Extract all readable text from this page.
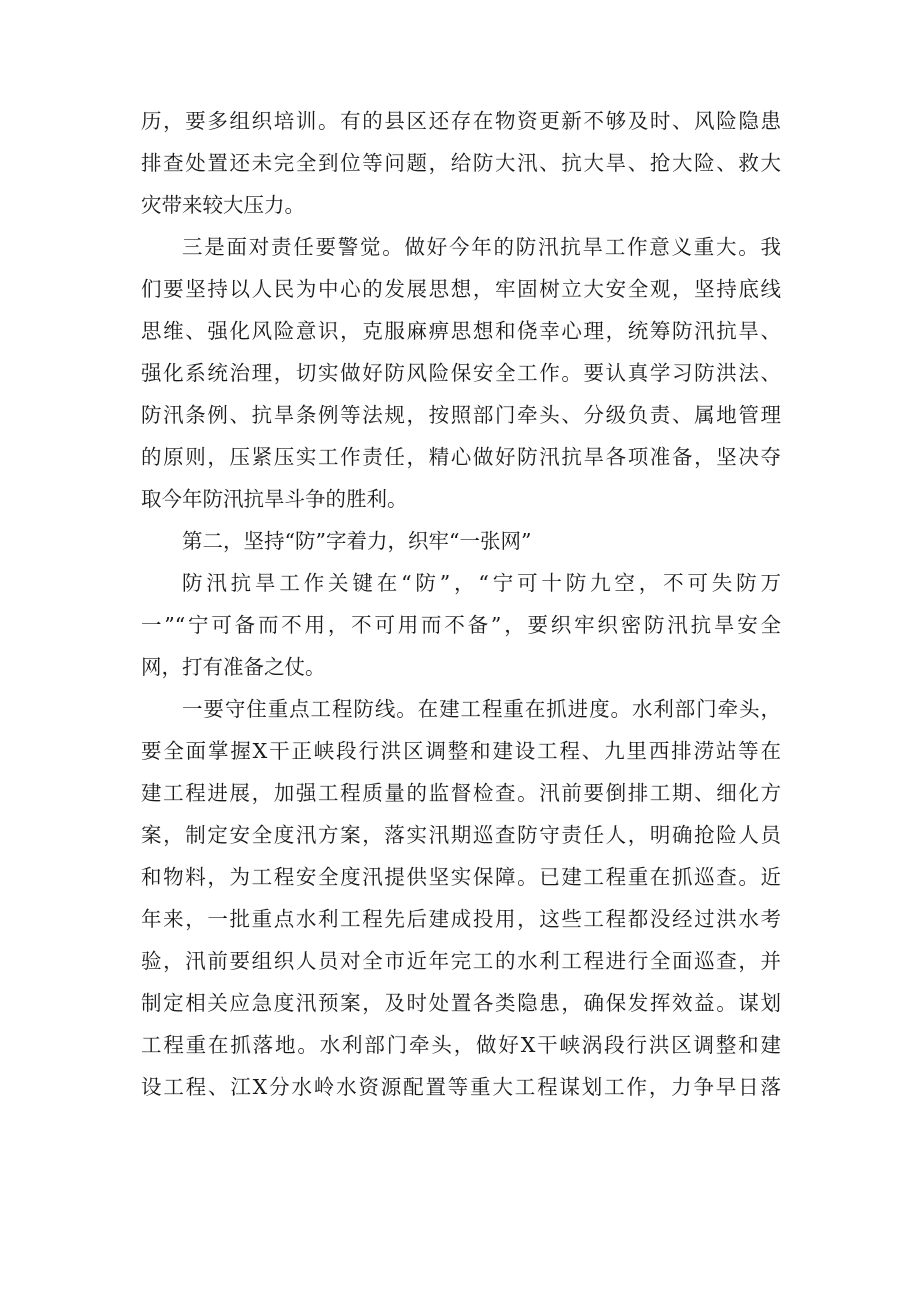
历，要多组织培训。有的县区还存在物资更新不够及时、风险隐患
排查处置还未完全到位等问题，给防大汛、抗大旱、抢大险、救大
灾带来较大压力。
三是面对责任要警觉。做好今年的防汛抗旱工作意义重大。我
们要坚持以人民为中心的发展思想，牢固树立大安全观，坚持底线
思维、强化风险意识，克服麻痹思想和侥幸心理，统筹防汛抗旱、
强化系统治理，切实做好防风险保安全工作。要认真学习防洪法、
防汛条例、抗旱条例等法规，按照部门牵头、分级负责、属地管理
的原则，压紧压实工作责任，精心做好防汛抗旱各项准备，坚决夺
取今年防汛抗旱斗争的胜利。
第二，坚持“防”字着力，织牢“一张网”
防汛抗旱工作关键在“防”，“宁可十防九空，不可失防万
一”“宁可备而不用，不可用而不备”，要织牢织密防汛抗旱安全
网，打有准备之仗。
一要守住重点工程防线。在建工程重在抓进度。水利部门牵头，
要全面掌握X干正峡段行洪区调整和建设工程、九里西排涝站等在
建工程进展，加强工程质量的监督检查。汛前要倒排工期、细化方
案，制定安全度汛方案，落实汛期巡查防守责任人，明确抢险人员
和物料，为工程安全度汛提供坚实保障。已建工程重在抓巡查。近
年来，一批重点水利工程先后建成投用，这些工程都没经过洪水考
验，汛前要组织人员对全市近年完工的水利工程进行全面巡查，并
制定相关应急度汛预案，及时处置各类隐患，确保发挥效益。谋划
工程重在抓落地。水利部门牵头，做好X干峡涡段行洪区调整和建
设工程、江X分水岭水资源配置等重大工程谋划工作，力争早日落
